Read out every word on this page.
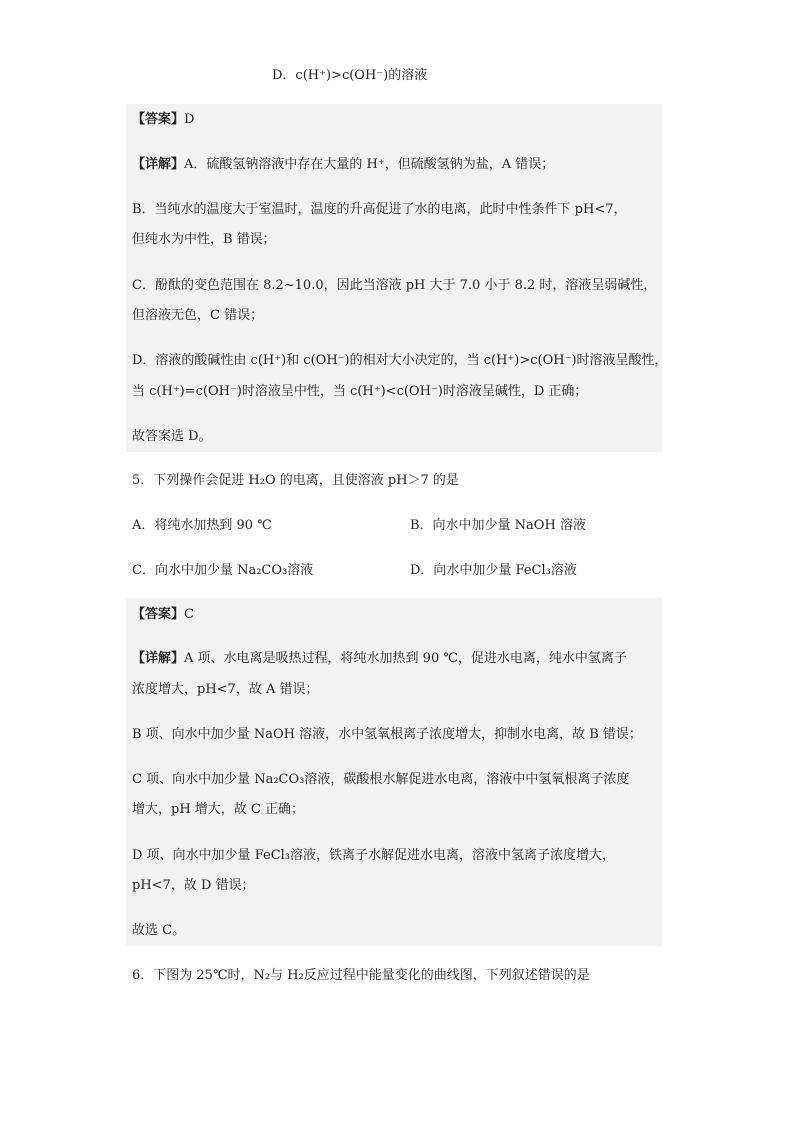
D．c(H⁺)>c(OH⁻)的溶液
【答案】D
【详解】A．硫酸氢钠溶液中存在大量的 H⁺，但硫酸氢钠为盐，A 错误；
B．当纯水的温度大于室温时，温度的升高促进了水的电离，此时中性条件下 pH<7，
但纯水为中性，B 错误；
C．酚酞的变色范围在 8.2~10.0，因此当溶液 pH 大于 7.0 小于 8.2 时，溶液呈弱碱性，
但溶液无色，C 错误；
D．溶液的酸碱性由 c(H⁺)和 c(OH⁻)的相对大小决定的，当 c(H⁺)>c(OH⁻)时溶液呈酸性，
当 c(H⁺)=c(OH⁻)时溶液呈中性，当 c(H⁺)<c(OH⁻)时溶液呈碱性，D 正确；
故答案选 D。
5．下列操作会促进 H₂O 的电离，且使溶液 pH＞7 的是
A．将纯水加热到 90 ℃	B．向水中加少量 NaOH 溶液
C．向水中加少量 Na₂CO₃溶液	D．向水中加少量 FeCl₃溶液
【答案】C
【详解】A 项、水电离是吸热过程，将纯水加热到 90 ℃，促进水电离，纯水中氢离子
浓度增大，pH<7，故 A 错误；
B 项、向水中加少量 NaOH 溶液，水中氢氧根离子浓度增大，抑制水电离，故 B 错误；
C 项、向水中加少量 Na₂CO₃溶液，碳酸根水解促进水电离，溶液中中氢氧根离子浓度
增大，pH 增大，故 C 正确；
D 项、向水中加少量 FeCl₃溶液，铁离子水解促进水电离，溶液中氢离子浓度增大，
pH<7，故 D 错误；
故选 C。
6．下图为 25℃时，N₂与 H₂反应过程中能量变化的曲线图，下列叙述错误的是
